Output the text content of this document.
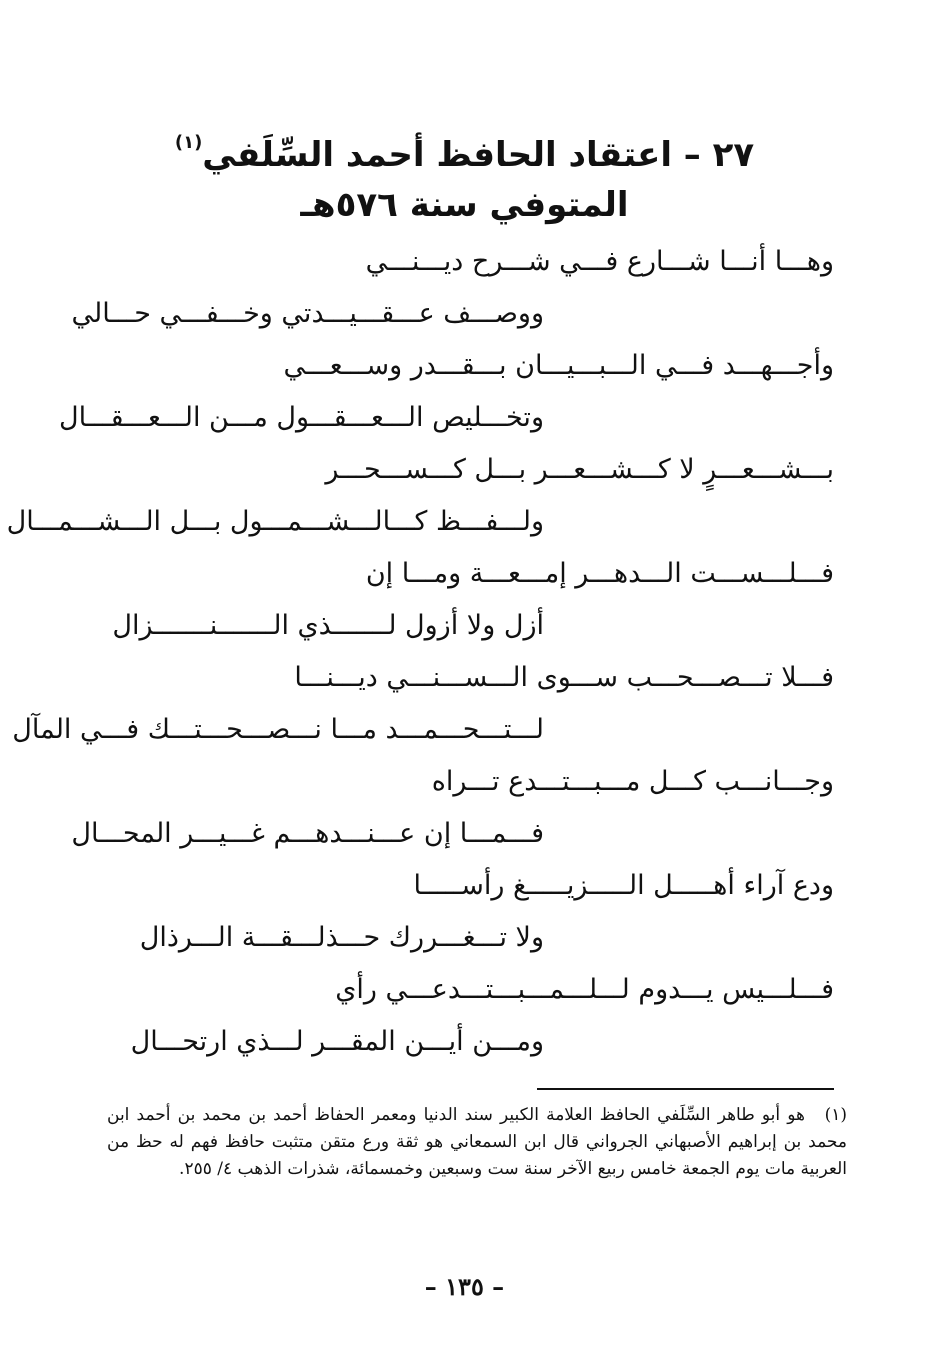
٢٧ – اعتقاد الحافظ أحمد السِّلَفي$^{(١)}$
المتوفي سنة ٥٧٦هـ
وهـــا أنـــا شـــارع فـــي شـــرح ديـــنـــي
ووصـــف عـــقـــيـــدتي وخـــفـــي حـــالي
وأجـــهـــد فـــي الـــبـــيـــان بـــقـــدر وســـعـــي
وتخـــليص الـــعـــقـــول مـــن الـــعـــقـــال
بـــشـــعـــرٍ لا كـــشـــعـــر بـــل كـــســـحـــر
ولـــفـــظ كـــالـــشـــمـــول بـــل الـــشـــمـــال
فـــلـــســـت الـــدهـــر إمـــعـــة ومـــا إن
أزل ولا أزول لـــــــذي الـــــــنـــــــزال
فـــلا تـــصـــحـــب ســـوى الـــســـنـــي ديـــنـــا
لـــتـــحـــمـــد مـــا نـــصـــحـــتـــك فـــي المآل
وجـــانـــب كـــل مـــبـــتـــدع تـــراه
فـــمـــا إن عـــنـــدهـــم غـــيـــر المحـــال
ودع آراء أهـــــل الـــــزيـــــغ رأســـــا
ولا تـــغـــررك حـــذلـــقـــة الـــرذال
فـــلـــيس يـــدوم لـــلـــمـــبـــتـــدعـــي رأي
ومـــن أيـــن المقـــر لـــذي ارتحـــال
(١)هو أبو طاهر السِّلَفي الحافظ العلامة الكبير سند الدنيا ومعمر الحفاظ أحمد بن محمد بن أحمد ابن محمد بن إبراهيم الأصبهاني الجرواني قال ابن السمعاني هو ثقة ورع متقن متثبت حافظ فهم له حظ من العربية مات يوم الجمعة خامس ربيع الآخر سنة ست وسبعين وخمسمائة، شذرات الذهب ٤/ ٢٥٥.
– ١٣٥ –
